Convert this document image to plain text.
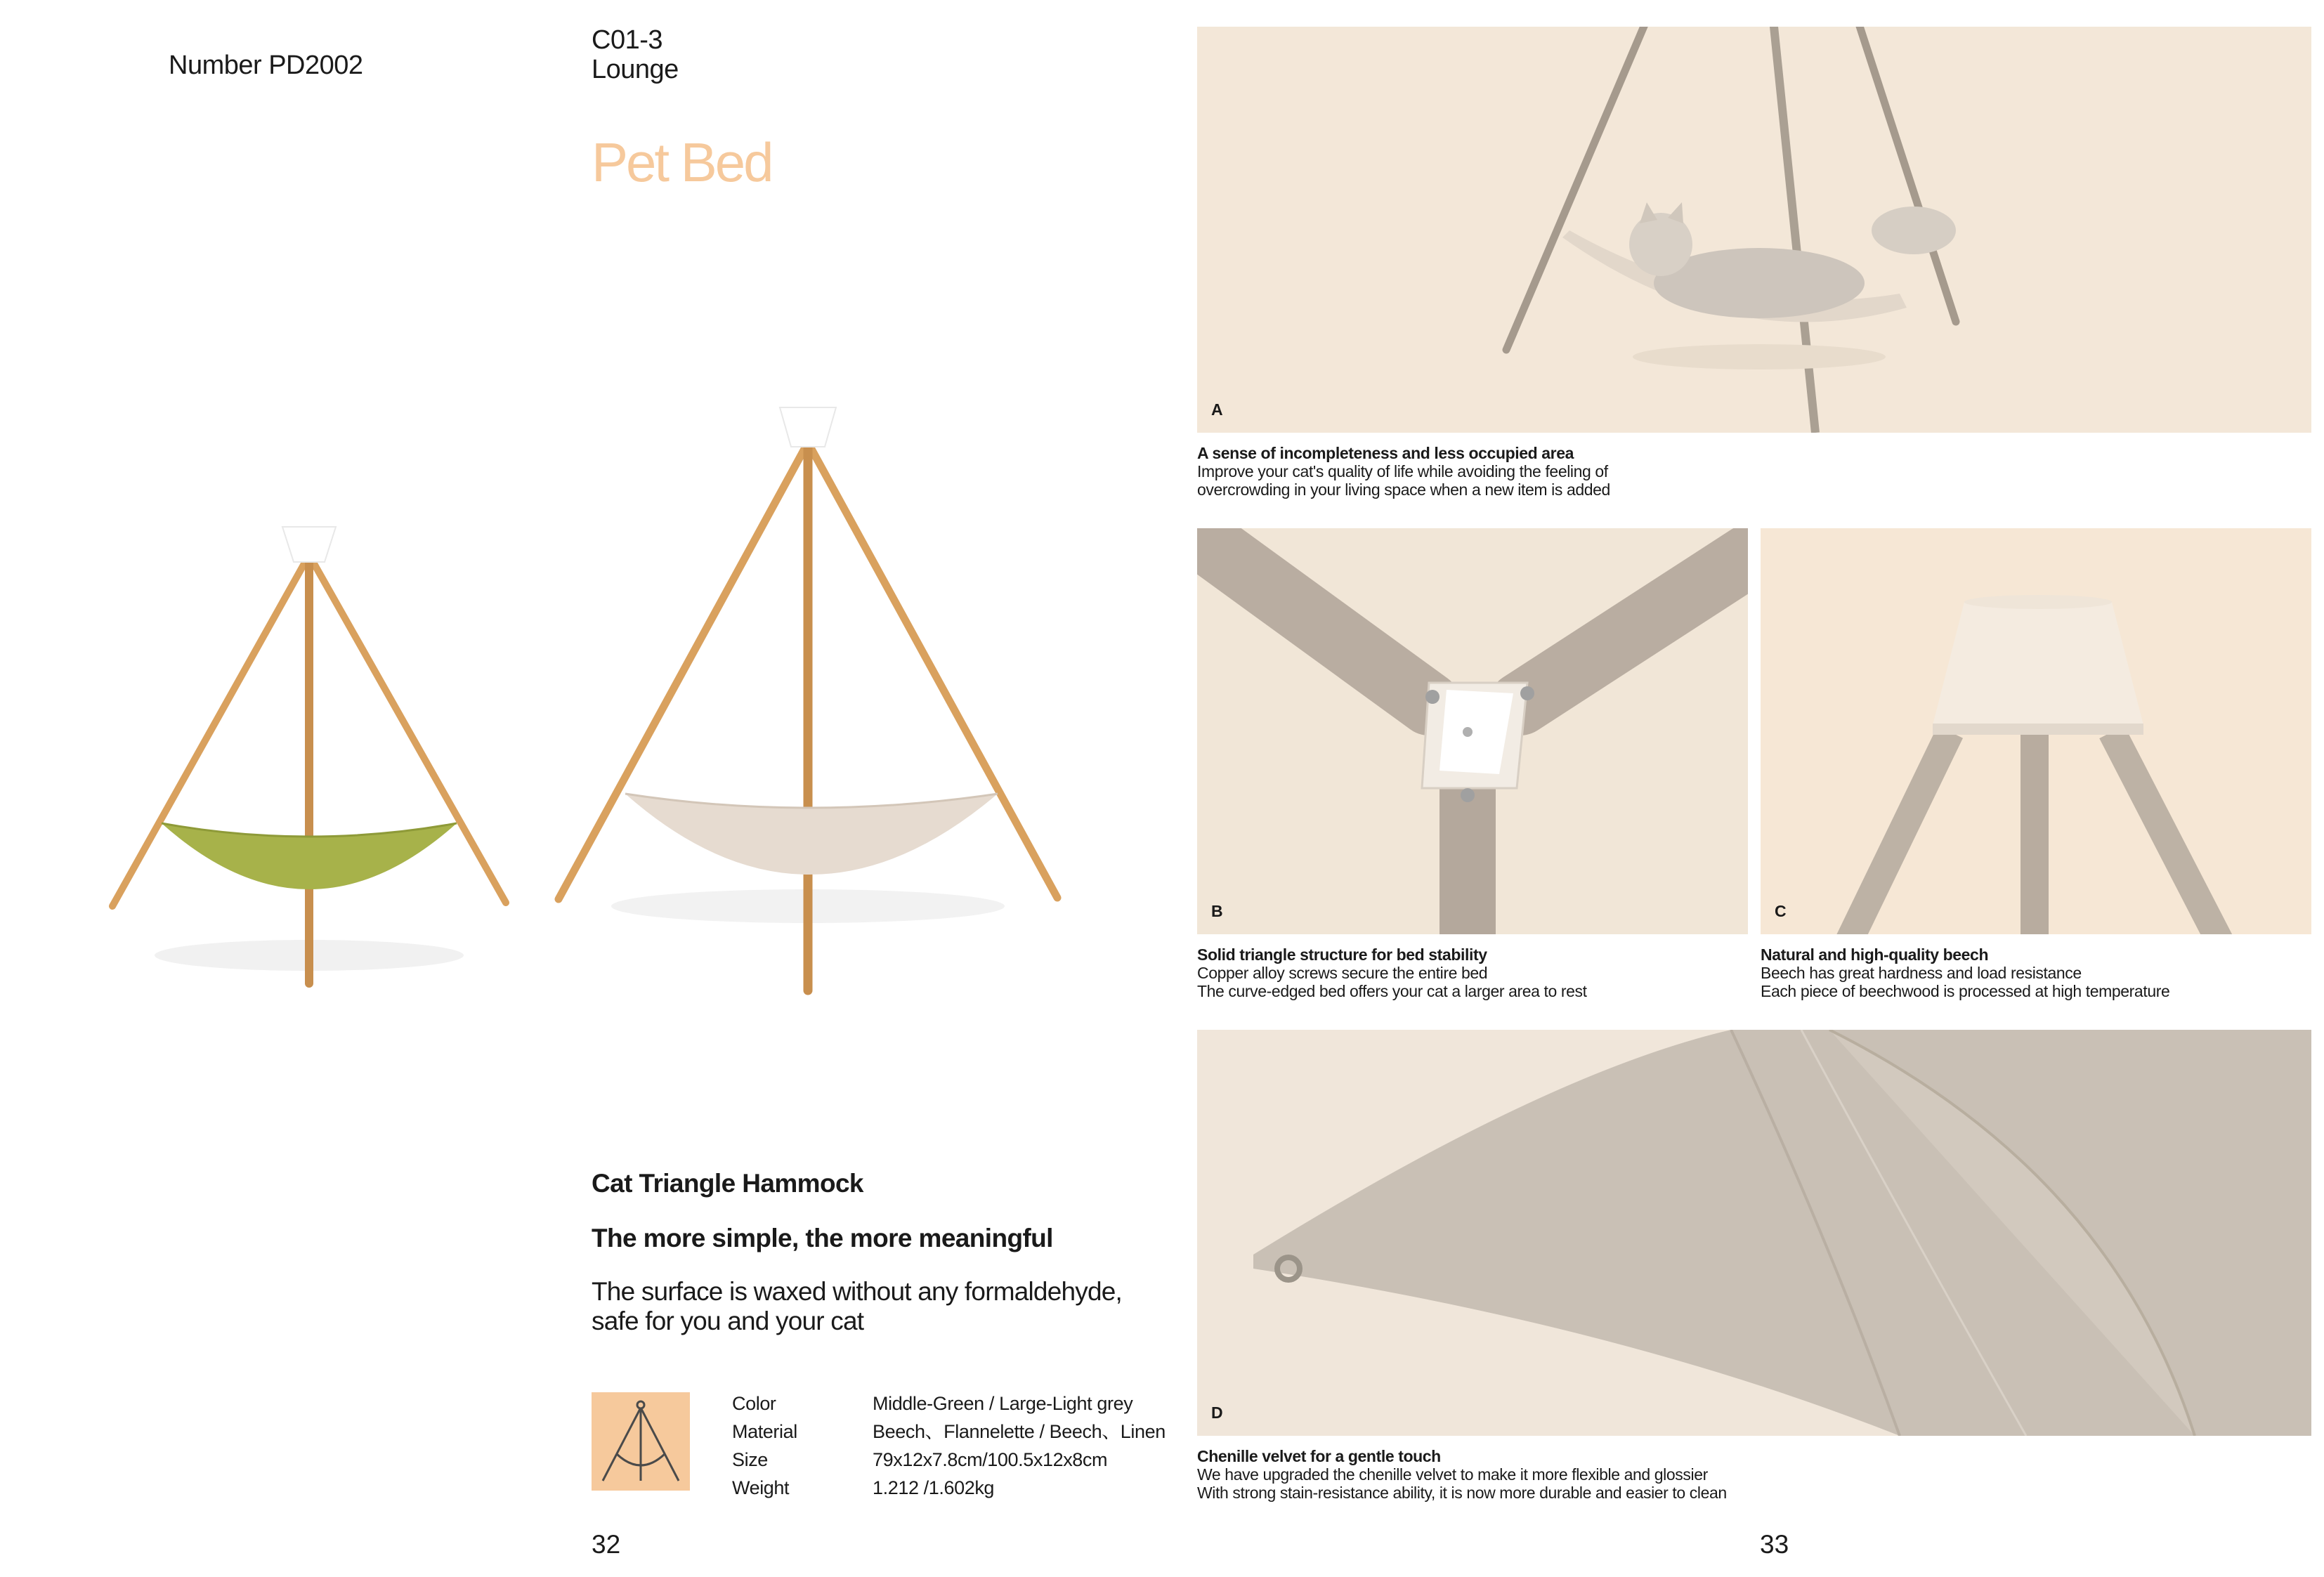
Number PD2002
C01-3
Lounge
Pet Bed
Cat Triangle Hammock
The more simple, the more meaningful
The surface is waxed without any formaldehyde, safe for you and your cat
Color	Middle-Green / Large-Light grey
Material	Beech、Flannelette / Beech、Linen
Size	79x12x7.8cm/100.5x12x8cm
Weight	1.212 /1.602kg
32
A
A sense of incompleteness and less occupied area
Improve your cat's quality of life while avoiding the feeling of
overcrowding in your living space when a new item is added
B
Solid triangle structure for bed stability
Copper alloy screws secure the entire bed
The curve-edged bed offers your cat a larger area to rest
C
Natural and high-quality beech
Beech has great hardness and load resistance
Each piece of beechwood is processed at high temperature
D
Chenille velvet for a gentle touch
We have upgraded the chenille velvet to make it more flexible and glossier
With strong stain-resistance ability, it is now more durable and easier to clean
33
